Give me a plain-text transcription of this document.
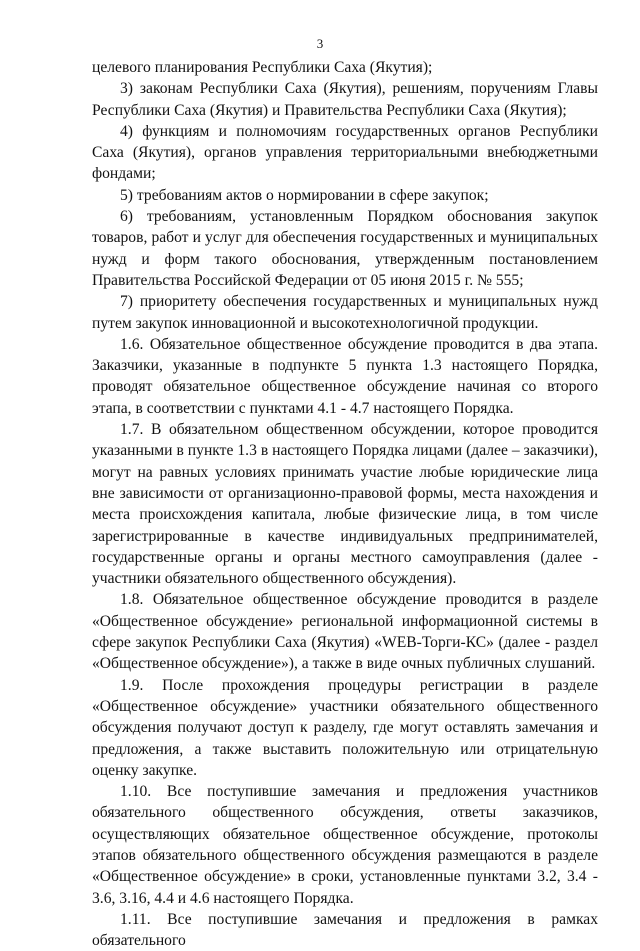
3

целевого планирования Республики Саха (Якутия);

3) законам Республики Саха (Якутия), решениям, поручениям Главы Республики Саха (Якутия) и Правительства Республики Саха (Якутия);

4) функциям и полномочиям государственных органов Республики Саха (Якутия), органов управления территориальными внебюджетными фондами;

5) требованиям актов о нормировании в сфере закупок;

6) требованиям, установленным Порядком обоснования закупок товаров, работ и услуг для обеспечения государственных и муниципальных нужд и форм такого обоснования, утвержденным постановлением Правительства Российской Федерации от 05 июня 2015 г. № 555;

7) приоритету обеспечения государственных и муниципальных нужд путем закупок инновационной и высокотехнологичной продукции.

1.6. Обязательное общественное обсуждение проводится в два этапа. Заказчики, указанные в подпункте 5 пункта 1.3 настоящего Порядка, проводят обязательное общественное обсуждение начиная со второго этапа, в соответствии с пунктами 4.1 - 4.7 настоящего Порядка.

1.7. В обязательном общественном обсуждении, которое проводится указанными в пункте 1.3 в настоящего Порядка лицами (далее – заказчики), могут на равных условиях принимать участие любые юридические лица вне зависимости от организационно-правовой формы, места нахождения и места происхождения капитала, любые физические лица, в том числе зарегистрированные в качестве индивидуальных предпринимателей, государственные органы и органы местного самоуправления (далее - участники обязательного общественного обсуждения).

1.8. Обязательное общественное обсуждение проводится в разделе «Общественное обсуждение» региональной информационной системы в сфере закупок Республики Саха (Якутия) «WEB-Торги-КС» (далее - раздел «Общественное обсуждение»), а также в виде очных публичных слушаний.

1.9. После прохождения процедуры регистрации в разделе «Общественное обсуждение» участники обязательного общественного обсуждения получают доступ к разделу, где могут оставлять замечания и предложения, а также выставить положительную или отрицательную оценку закупке.

1.10. Все поступившие замечания и предложения участников обязательного общественного обсуждения, ответы заказчиков, осуществляющих обязательное общественное обсуждение, протоколы этапов обязательного общественного обсуждения размещаются в разделе «Общественное обсуждение» в сроки, установленные пунктами 3.2, 3.4 - 3.6, 3.16, 4.4 и 4.6 настоящего Порядка.

1.11. Все поступившие замечания и предложения в рамках обязательного
